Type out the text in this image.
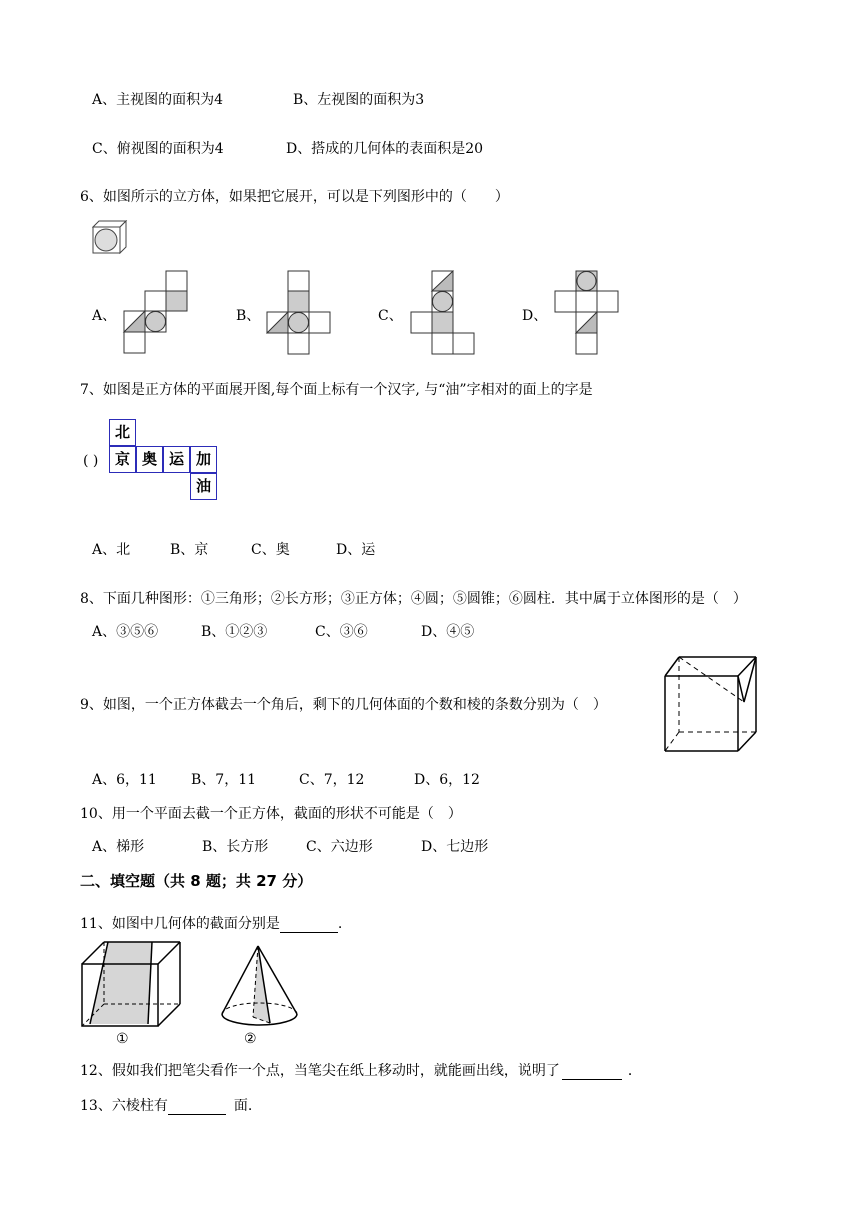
A、主视图的面积为4	B、左视图的面积为3
C、俯视图的面积为4	D、搭成的几何体的表面积是20
6、如图所示的立方体，如果把它展开，可以是下列图形中的（　　）
A、	B、	C、	D、
7、如图是正方体的平面展开图,每个面上标有一个汉字, 与“油”字相对的面上的字是
( )
北
京 奥 运 加
油
A、北	B、京	C、奥	D、运
8、下面几种图形：①三角形；②长方形；③正方体；④圆；⑤圆锥；⑥圆柱．其中属于立体图形的是（　）
A、③⑤⑥	B、①②③	C、③⑥	D、④⑤
9、如图，一个正方体截去一个角后，剩下的几何体面的个数和棱的条数分别为（　）
A、6，11 B、7，11	C、7，12	D、6，12
10、用一个平面去截一个正方体，截面的形状不可能是（　）
A、梯形	B、长方形	C、六边形	D、七边形
二、填空题（共 8 题；共 27 分）
11、如图中几何体的截面分别是	.
①	②
12、假如我们把笔尖看作一个点，当笔尖在纸上移动时，就能画出线，说明了	．
13、六棱柱有	面.
